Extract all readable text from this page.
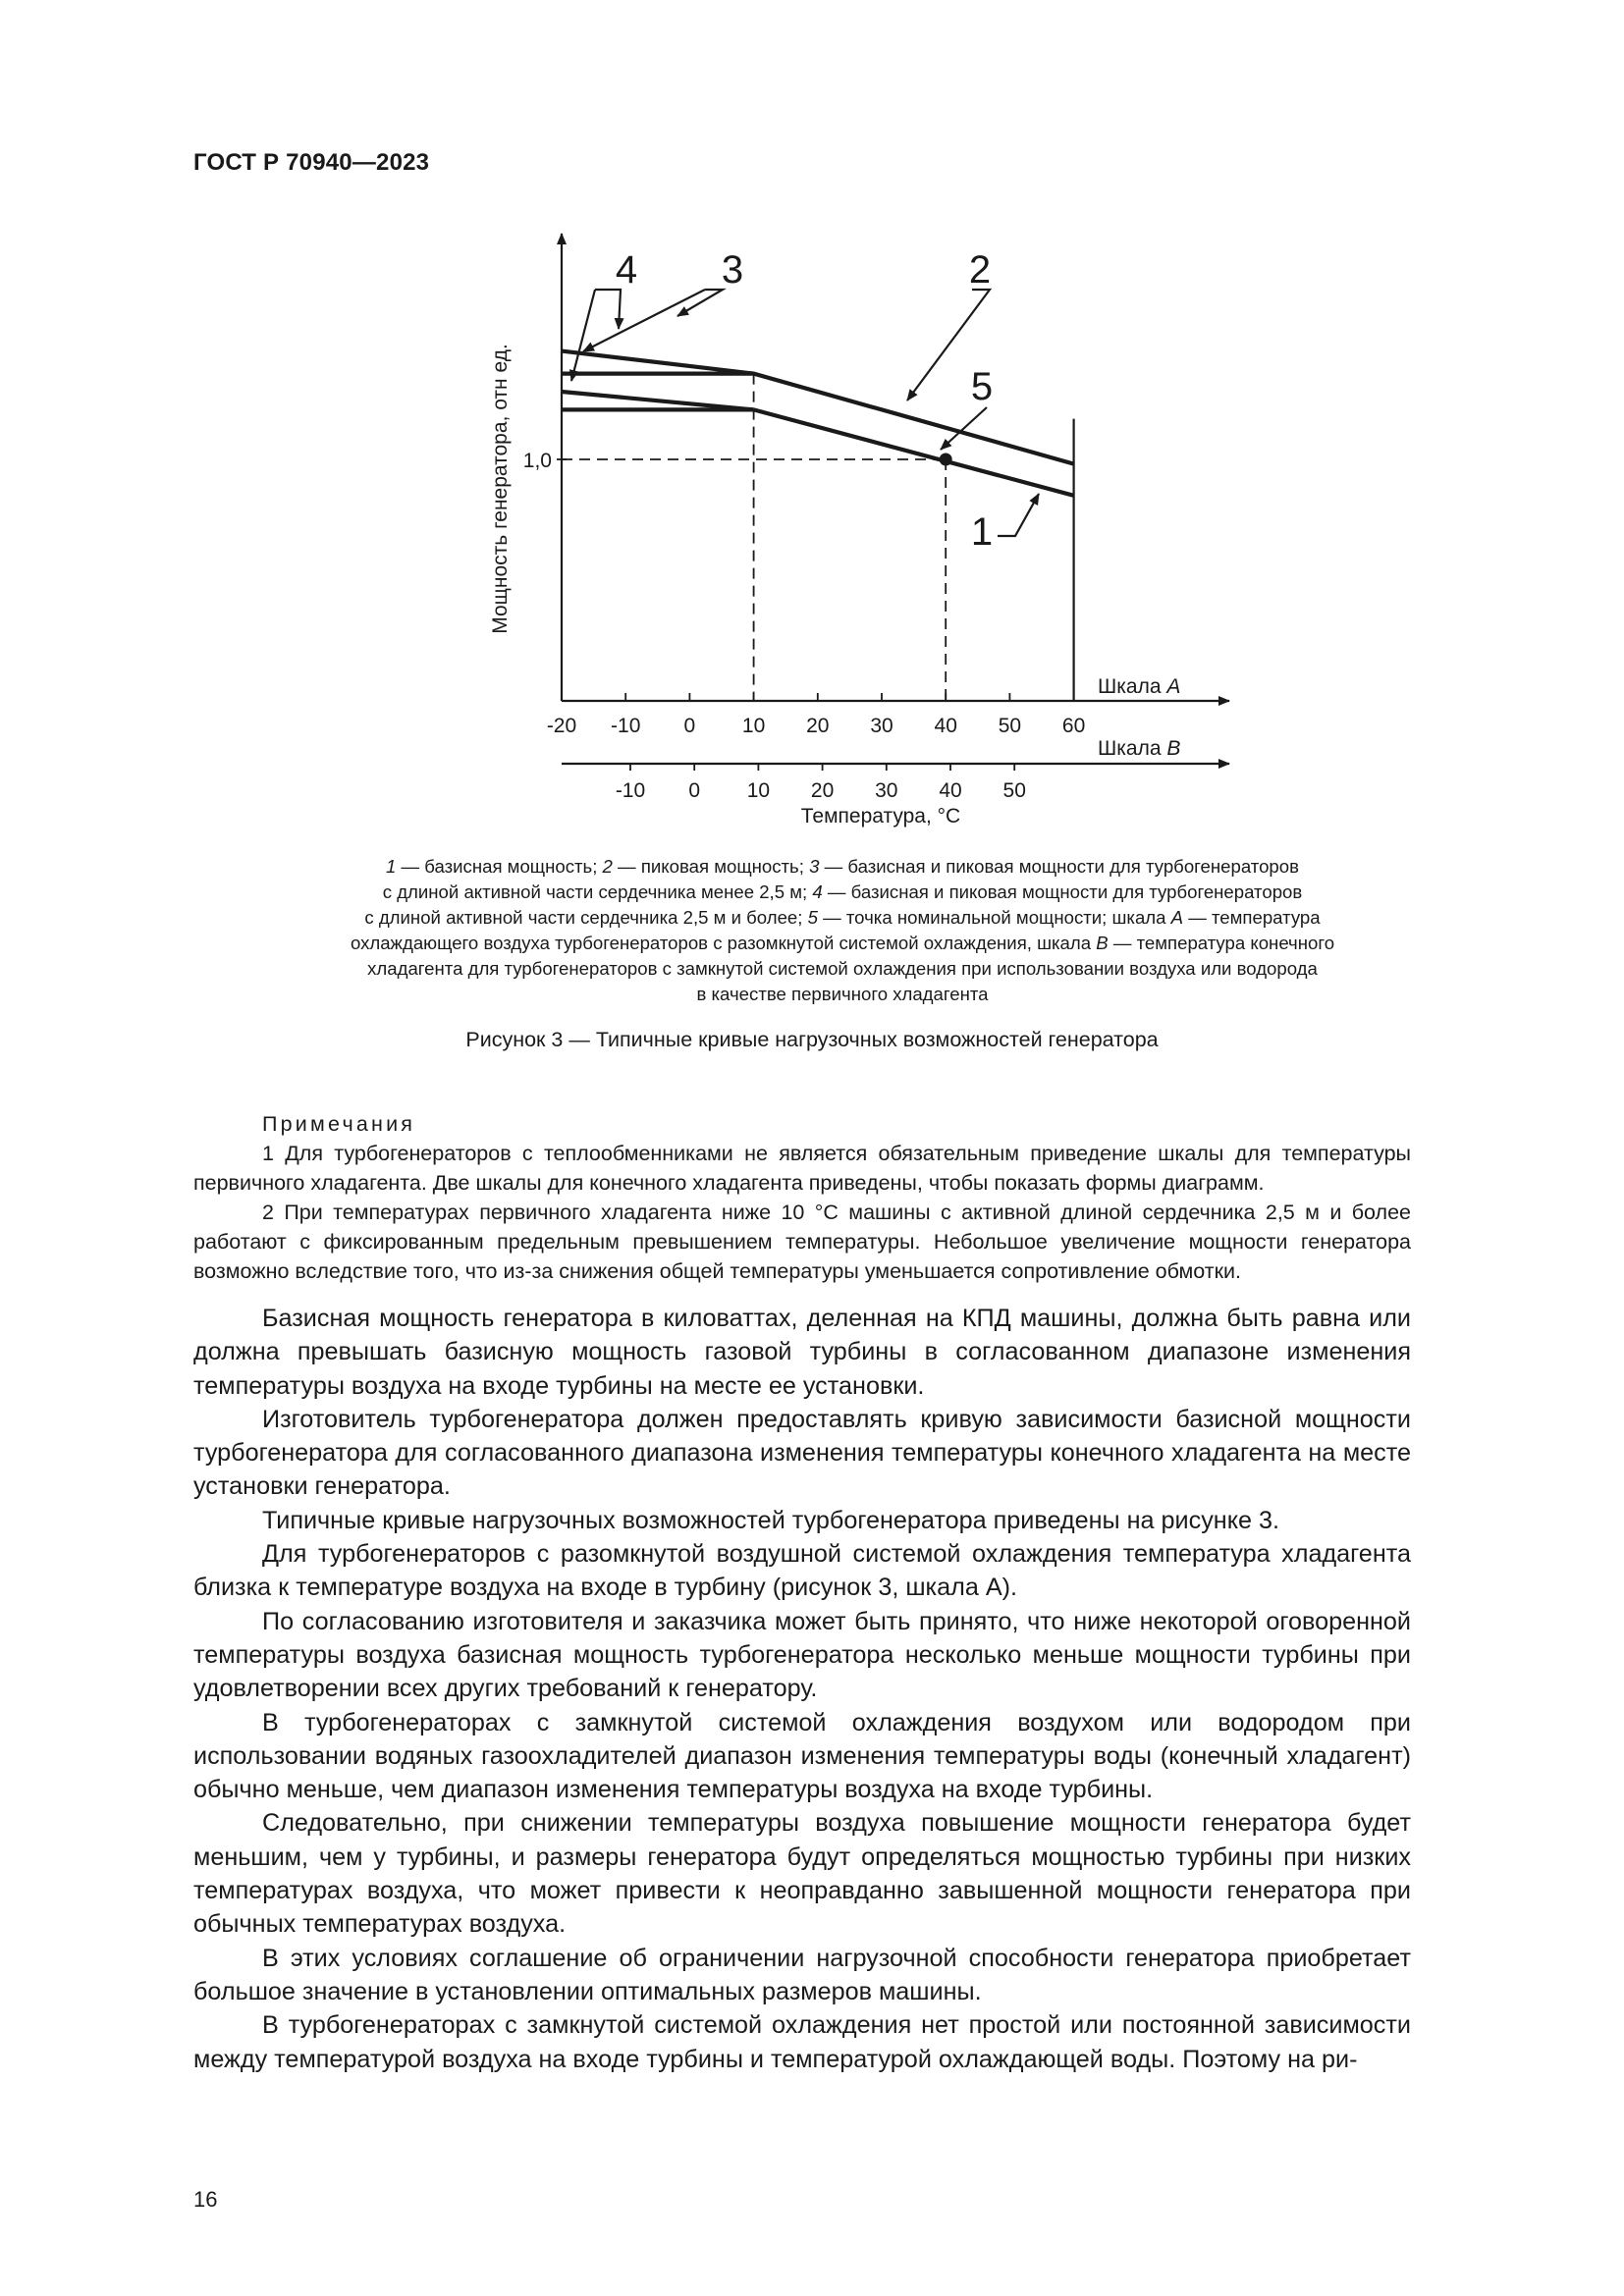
ГОСТ Р 70940—2023
-20 -10 0 10 20 30 40 50 60
-10 0 10 20 30 40 50
Шкала A
Шкала B
Мощность генератора, отн ед.
Температура, °C
1,0
4 3	2
5
1
1 — базисная мощность; 2 — пиковая мощность; 3 — базисная и пиковая мощности для турбогенераторов
с длиной активной части сердечника менее 2,5 м; 4 — базисная и пиковая мощности для турбогенераторов
с длиной активной части сердечника 2,5 м и более; 5 — точка номинальной мощности; шкала А — температура
охлаждающего воздуха турбогенераторов с разомкнутой системой охлаждения, шкала В — температура конечного
хладагента для турбогенераторов с замкнутой системой охлаждения при использовании воздуха или водорода
в качестве первичного хладагента
Рисунок 3 — Типичные кривые нагрузочных возможностей генератора
Примечания

1 Для турбогенераторов с теплообменниками не является обязательным приведение шкалы для температуры первичного хладагента. Две шкалы для конечного хладагента приведены, чтобы показать формы диаграмм.

2 При температурах первичного хладагента ниже 10 °С машины с активной длиной сердечника 2,5 м и более работают с фиксированным предельным превышением температуры. Небольшое увеличение мощности генератора возможно вследствие того, что из-за снижения общей температуры уменьшается сопротивление обмотки.

Базисная мощность генератора в киловаттах, деленная на КПД машины, должна быть равна или должна превышать базисную мощность газовой турбины в согласованном диапазоне изменения температуры воздуха на входе турбины на месте ее установки.

Изготовитель турбогенератора должен предоставлять кривую зависимости базисной мощности турбогенератора для согласованного диапазона изменения температуры конечного хладагента на месте установки генератора.

Типичные кривые нагрузочных возможностей турбогенератора приведены на рисунке 3.

Для турбогенераторов с разомкнутой воздушной системой охлаждения температура хладагента близка к температуре воздуха на входе в турбину (рисунок 3, шкала А).

По согласованию изготовителя и заказчика может быть принято, что ниже некоторой оговоренной температуры воздуха базисная мощность турбогенератора несколько меньше мощности турбины при удовлетворении всех других требований к генератору.

В турбогенераторах с замкнутой системой охлаждения воздухом или водородом при использовании водяных газоохладителей диапазон изменения температуры воды (конечный хладагент) обычно меньше, чем диапазон изменения температуры воздуха на входе турбины.

Следовательно, при снижении температуры воздуха повышение мощности генератора будет меньшим, чем у турбины, и размеры генератора будут определяться мощностью турбины при низких температурах воздуха, что может привести к неоправданно завышенной мощности генератора при обычных температурах воздуха.

В этих условиях соглашение об ограничении нагрузочной способности генератора приобретает большое значение в установлении оптимальных размеров машины.

В турбогенераторах с замкнутой системой охлаждения нет простой или постоянной зависимости между температурой воздуха на входе турбины и температурой охлаждающей воды. Поэтому на ри-

16
